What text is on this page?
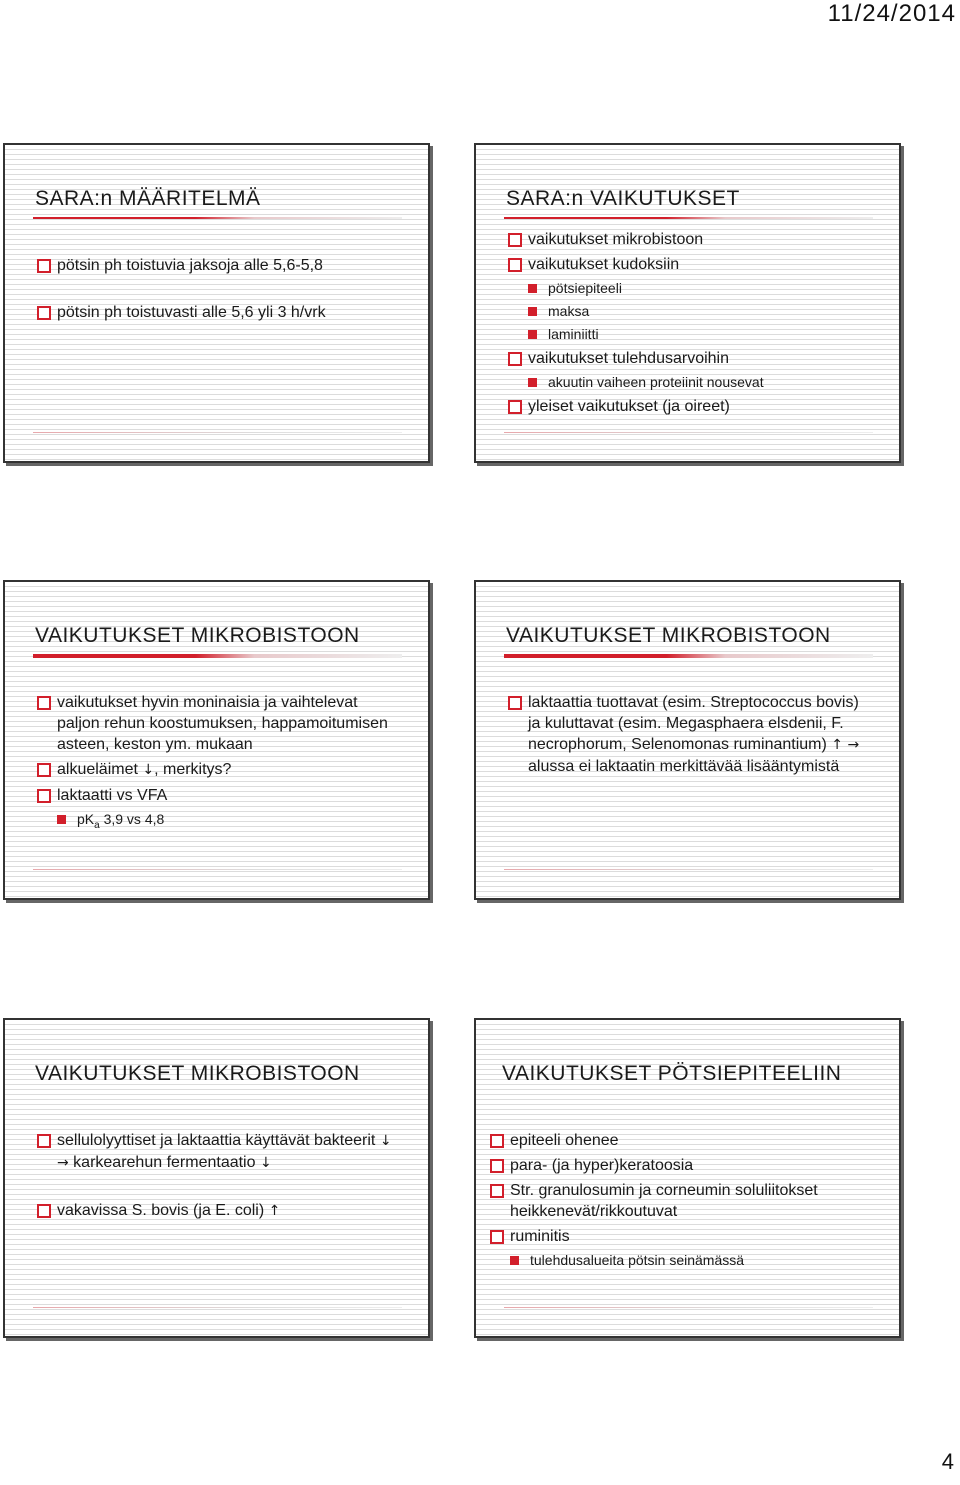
11/24/2014
SARA:n MÄÄRITELMÄ
pötsin ph toistuvia jaksoja alle 5,6-5,8
pötsin ph toistuvasti alle 5,6 yli 3 h/vrk
SARA:n VAIKUTUKSET
vaikutukset mikrobistoon
vaikutukset kudoksiin
pötsiepiteeli
maksa
laminiitti
vaikutukset tulehdusarvoihin
akuutin vaiheen proteiinit nousevat
yleiset vaikutukset (ja oireet)
VAIKUTUKSET MIKROBISTOON
vaikutukset hyvin moninaisia ja vaihtelevat paljon rehun koostumuksen, happamoitumisen asteen, keston ym. mukaan
alkueläimet ↓, merkitys?
laktaatti vs VFA
$pK_a$ 3,9 vs 4,8
VAIKUTUKSET MIKROBISTOON
laktaattia tuottavat (esim. Streptococcus bovis) ja kuluttavat (esim. Megasphaera elsdenii, F. necrophorum, Selenomonas ruminantium) ↑ → alussa ei laktaatin merkittävää lisääntymistä
VAIKUTUKSET MIKROBISTOON
sellulolyyttiset ja laktaattia käyttävät bakteerit ↓ → karkearehun fermentaatio ↓
vakavissa S. bovis (ja E. coli) ↑
VAIKUTUKSET PÖTSIEPITEELIIN
epiteeli ohenee
para- (ja hyper)keratoosia
Str. granulosumin ja corneumin soluliitokset heikkenevät/rikkoutuvat
ruminitis
tulehdusalueita pötsin seinämässä
4
